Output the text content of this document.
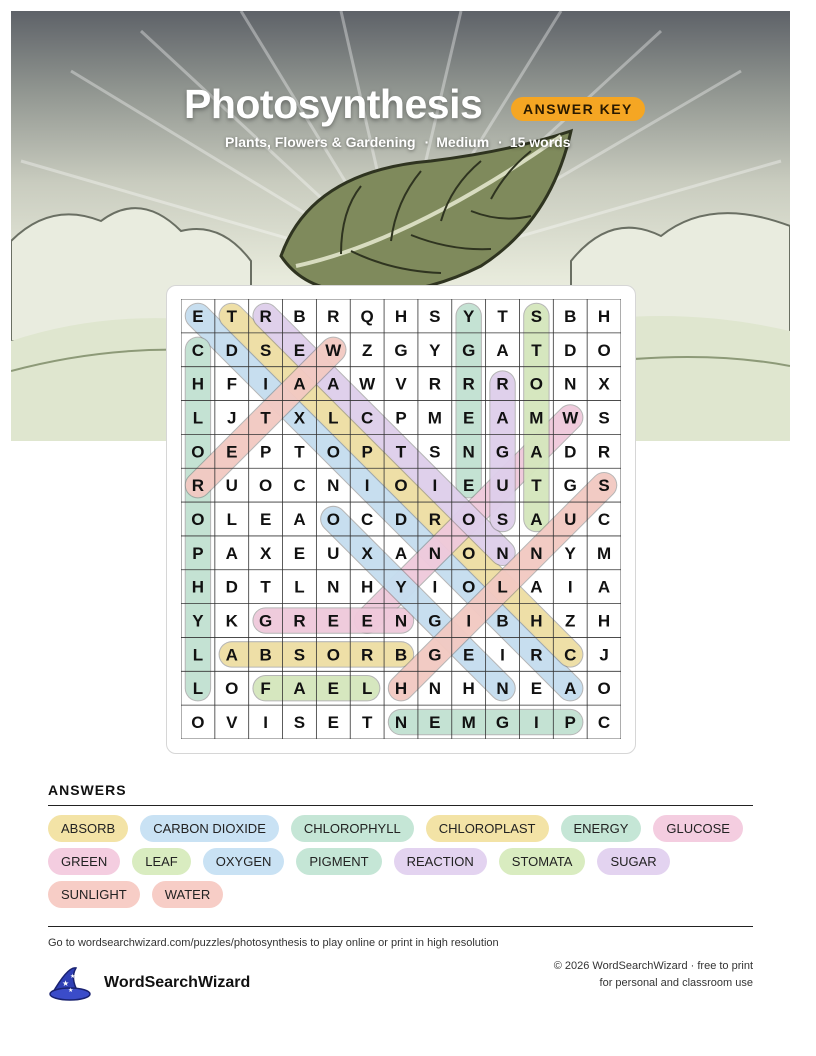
Photosynthesis	ANSWER KEY
Plants, Flowers & Gardening · Medium · 15 words
E T R B R Q H S Y T S B H
C D S E W Z G Y G A T D O
H F I A A W V R R R O N X
L J T X L C P M E A M W S
O E P T O P T S N G A D R
R U O C N I O I E U T G S
O L E A O C D R O S A U C
P A X E U X A N O N N Y M
H D T L N H Y I O L A I A
Y K G R E E N G I B H Z H
L A B S O R B G E I R C J
L O F A E L H N H N E A O
O V I S E T N E M G I P C
ANSWERS
ABSORB	CARBON DIOXIDE	CHLOROPHYLL	CHLOROPLAST	ENERGY	GLUCOSE
GREEN	LEAF	OXYGEN	PIGMENT	REACTION	STOMATA	SUGAR
SUNLIGHT	WATER
Go to wordsearchwizard.com/puzzles/photosynthesis to play online or print in high resolution
★
★
★ WordSearchWizard
© 2026 WordSearchWizard · free to print for personal and classroom use
